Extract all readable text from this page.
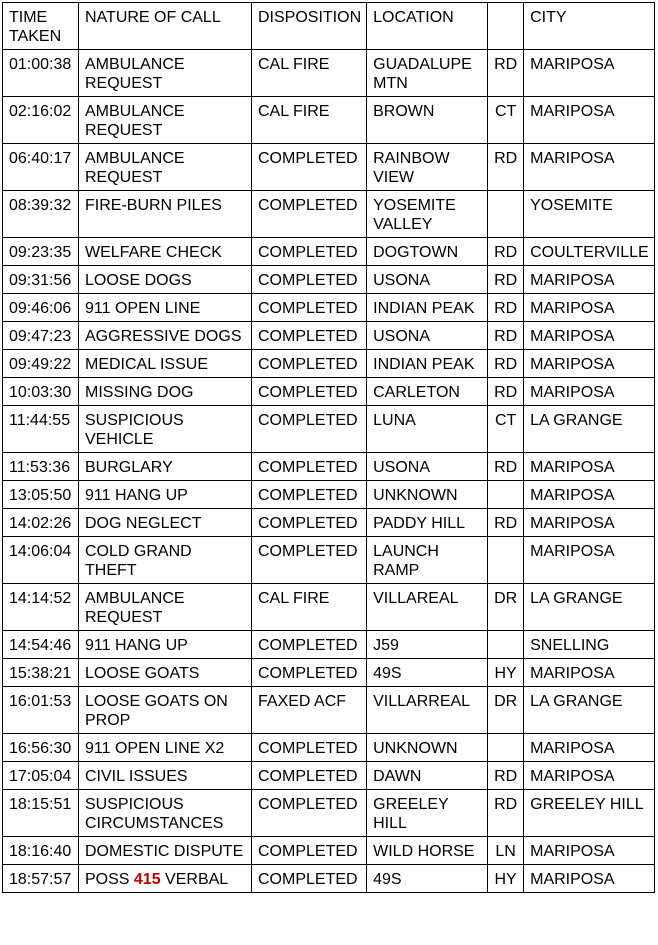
TIME TAKEN	NATURE OF CALL	DISPOSITION	LOCATION		CITY
01:00:38	AMBULANCE REQUEST	CAL FIRE	GUADALUPE MTN	RD	MARIPOSA
02:16:02	AMBULANCE REQUEST	CAL FIRE	BROWN	CT	MARIPOSA
06:40:17	AMBULANCE REQUEST	COMPLETED	RAINBOW VIEW	RD	MARIPOSA
08:39:32	FIRE-BURN PILES	COMPLETED	YOSEMITE VALLEY		YOSEMITE
09:23:35	WELFARE CHECK	COMPLETED	DOGTOWN	RD	COULTERVILLE
09:31:56	LOOSE DOGS	COMPLETED	USONA	RD	MARIPOSA
09:46:06	911 OPEN LINE	COMPLETED	INDIAN PEAK	RD	MARIPOSA
09:47:23	AGGRESSIVE DOGS	COMPLETED	USONA	RD	MARIPOSA
09:49:22	MEDICAL ISSUE	COMPLETED	INDIAN PEAK	RD	MARIPOSA
10:03:30	MISSING DOG	COMPLETED	CARLETON	RD	MARIPOSA
11:44:55	SUSPICIOUS VEHICLE	COMPLETED	LUNA	CT	LA GRANGE
11:53:36	BURGLARY	COMPLETED	USONA	RD	MARIPOSA
13:05:50	911 HANG UP	COMPLETED	UNKNOWN		MARIPOSA
14:02:26	DOG NEGLECT	COMPLETED	PADDY HILL	RD	MARIPOSA
14:06:04	COLD GRAND THEFT	COMPLETED	LAUNCH RAMP		MARIPOSA
14:14:52	AMBULANCE REQUEST	CAL FIRE	VILLAREAL	DR	LA GRANGE
14:54:46	911 HANG UP	COMPLETED	J59		SNELLING
15:38:21	LOOSE GOATS	COMPLETED	49S	HY	MARIPOSA
16:01:53	LOOSE GOATS ON PROP	FAXED ACF	VILLARREAL	DR	LA GRANGE
16:56:30	911 OPEN LINE X2	COMPLETED	UNKNOWN		MARIPOSA
17:05:04	CIVIL ISSUES	COMPLETED	DAWN	RD	MARIPOSA
18:15:51	SUSPICIOUS CIRCUMSTANCES	COMPLETED	GREELEY HILL	RD	GREELEY HILL
18:16:40	DOMESTIC DISPUTE	COMPLETED	WILD HORSE	LN	MARIPOSA
18:57:57	POSS 415 VERBAL	COMPLETED	49S	HY	MARIPOSA
